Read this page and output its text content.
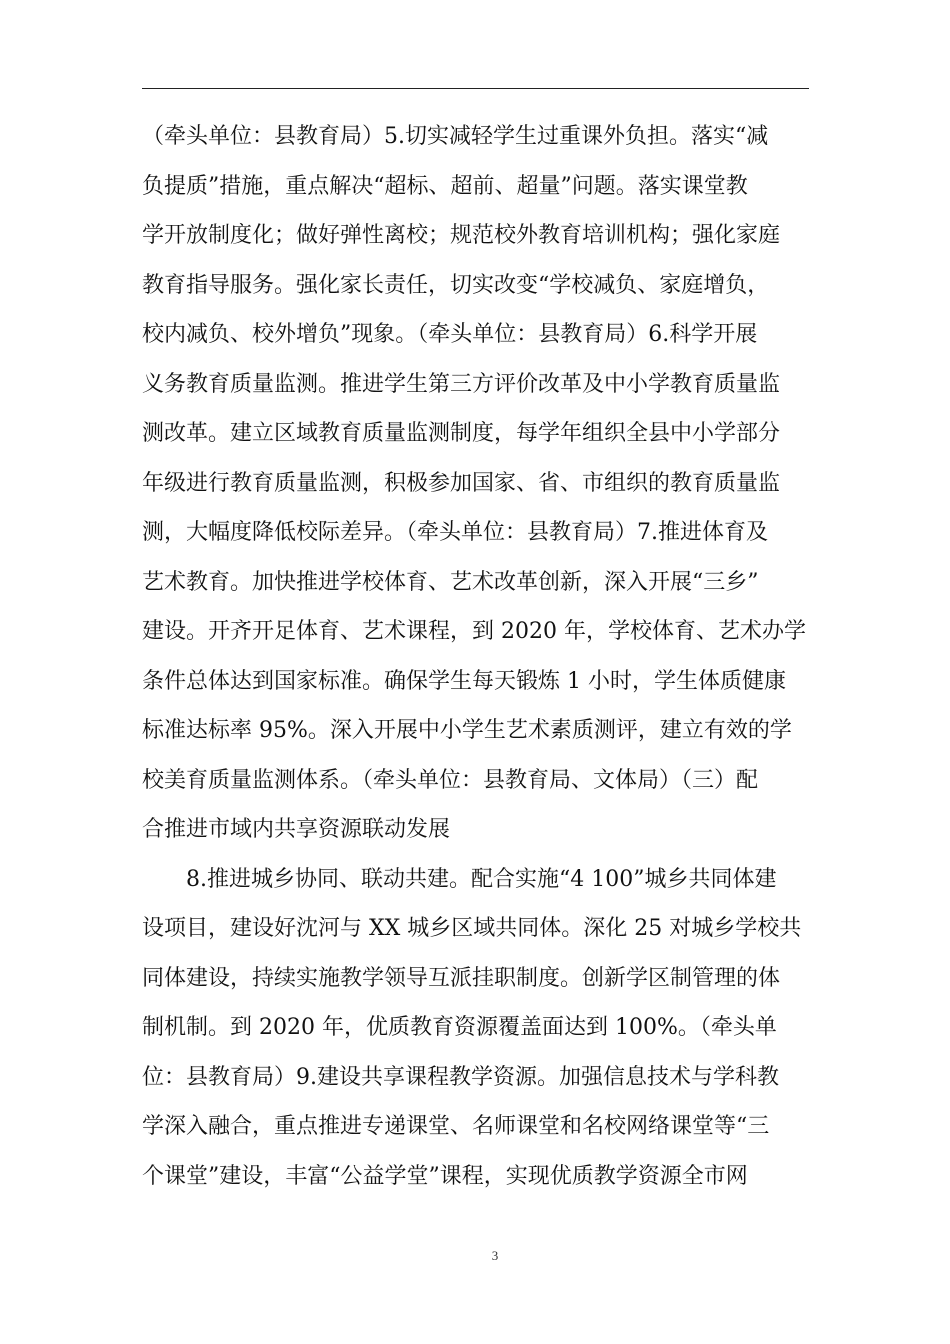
（牵头单位：县教育局）5.切实减轻学生过重课外负担。落实“减
负提质”措施，重点解决“超标、超前、超量”问题。落实课堂教
学开放制度化；做好弹性离校；规范校外教育培训机构；强化家庭
教育指导服务。强化家长责任，切实改变“学校减负、家庭增负，
校内减负、校外增负”现象。（牵头单位：县教育局）6.科学开展
义务教育质量监测。推进学生第三方评价改革及中小学教育质量监
测改革。建立区域教育质量监测制度，每学年组织全县中小学部分
年级进行教育质量监测，积极参加国家、省、市组织的教育质量监
测，大幅度降低校际差异。（牵头单位：县教育局）7.推进体育及
艺术教育。加快推进学校体育、艺术改革创新，深入开展“三乡”
建设。开齐开足体育、艺术课程，到 2020 年，学校体育、艺术办学
条件总体达到国家标准。确保学生每天锻炼 1 小时，学生体质健康
标准达标率 95%。深入开展中小学生艺术素质测评，建立有效的学
校美育质量监测体系。（牵头单位：县教育局、文体局）（三）配
合推进市域内共享资源联动发展
　　8.推进城乡协同、联动共建。配合实施“4 100”城乡共同体建
设项目，建设好沈河与 XX 城乡区域共同体。深化 25 对城乡学校共
同体建设，持续实施教学领导互派挂职制度。创新学区制管理的体
制机制。到 2020 年，优质教育资源覆盖面达到 100%。（牵头单
位：县教育局）9.建设共享课程教学资源。加强信息技术与学科教
学深入融合，重点推进专递课堂、名师课堂和名校网络课堂等“三
个课堂”建设，丰富“公益学堂”课程，实现优质教学资源全市网
3
